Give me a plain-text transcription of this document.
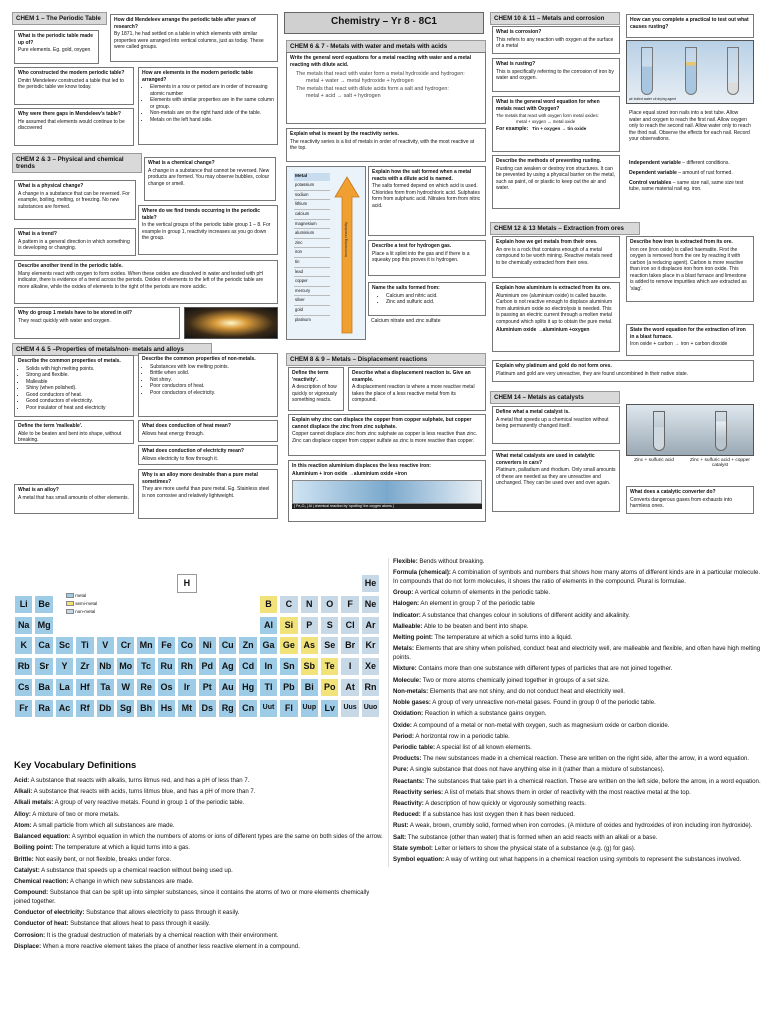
Chemistry – Yr 8 - 8C1
CHEM 1 – The Periodic Table
What is the periodic table made up of?
Pure elements. Eg. gold, oxygen
How did Mendeleev arrange the periodic table after years of research?
By 1871, he had settled on a table in which elements with similar properties were arranged into vertical columns, just as today. These were called groups.
Who constructed the modern periodic table?
Dmitri Mendeleev constructed a table that led to the periodic table we know today.
How are elements in the modern periodic table arranged?
• Elements in a row or period are in order of increasing atomic number
• Elements with similar properties are in the same column or group.
• Non-metals are on the right hand side of the table.
• Metals on the left hand side.
Why were there gaps in Mendeleev's table?
He assumed that elements would continue to be discovered
CHEM 2 & 3 – Physical and chemical trends
What is a physical change?
A change in a substance that can be reversed. For example, boiling, melting, or freezing. No new substances are formed.
What is a chemical change?
A change in a substance that cannot be reversed. New products are formed. You may observe bubbles, colour change or smell.
What is a trend?
A pattern in a general direction in which something is developing or changing.
Where do we find trends occurring in the periodic table?
In the vertical groups of the periodic table group 1 – 8. For example in group 1, reactivity increases as you go down the group.
Describe another trend in the periodic table.
Many elements react with oxygen to form oxides. When these oxides are dissolved in water and tested with pH indicator, there is evidence of a trend across the periods. Oxides of elements to the left of the periodic table are more alkaline, while the oxides of elements to the right of the periods are more acidic.
Why do group 1 metals have to be stored in oil?
They react quickly with water and oxygen.
CHEM 4 & 5 –Properties of metals/non- metals and alloys
Describe the common properties of metals.
• Solids with high melting points.
• Strong and flexible.
• Malleable
• Shiny (when polished).
• Good conductors of heat.
• Good conductors of electricity.
• Poor insulator of heat and electricity
Describe the common properties of non-metals.
• Substances with low melting points.
• Brittle when solid.
• Not shiny.
• Poor conductors of heat.
• Poor conductors of electricity.
What does conduction of heat mean?
Allows heat energy through.
What does conduction of electricity mean?
Allows electricity to flow through it.
Define the term 'malleable'.
Able to be beaten and bent into shape, without breaking.
What is an alloy?
A metal that has small amounts of other elements.
Why is an alloy more desirable than a pure metal sometimes?
They are more useful than pure metal. Eg. Stainless steel is non corrosive and relatively lightweight.
CHEM 6 & 7 - Metals with water and metals with acids
Write the general word equations for a metal reacting with water and a metal reacting with dilute acid.
The metals that react with water form a metal hydroxide and hydrogen:
metal + water → metal hydroxide + hydrogen
The metals that react with dilute acids form a salt and hydrogen:
metal + acid → salt + hydrogen
Explain what is meant by the reactivity series.
The reactivity series is a list of metals in order of reactivity, with the most reactive at the top.
Metal
potassium
sodium
lithium
calcium
magnesium
aluminium
zinc
iron
tin
lead
copper
mercury
silver
gold
platinum
increasing reactivity
Explain how the salt formed when a metal reacts with a dilute acid is named.
The salts formed depend on which acid is used. Chlorides form from hydrochloric acid. Sulphates form from sulphuric acid. Nitrates form from nitric acid.
Describe a test for hydrogen gas.
Place a lit splint into the gas and if there is a squeaky pop this proves it is hydrogen.
Calcium nitrate and zinc sulfate
Name the salts formed from:
• Calcium and nitric acid.
• Zinc and sulfuric acid.
CHEM 8 & 9 – Metals – Displacement reactions
Define the term 'reactivity'.
A description of how quickly or vigorously something reacts.
Describe what a displacement reaction is. Give an example.
A displacement reaction is where a more reactive metal takes the place of a less reactive metal from its compound.
Explain why zinc can displace the copper from copper sulphate, but copper cannot displace the zinc from zinc sulphate.
Copper cannot displace zinc from zinc sulphate as copper is less reactive than zinc. Zinc can displace copper from copper sulfate as zinc is more reactive than copper.
In this reaction aluminium displaces the less reactive iron:
Aluminium + iron oxide →aluminium oxide +iron
[ Fe₂O₃ | Al | chemical reaction by 'spotting' the oxygen atoms ]
CHEM 10 & 11 – Metals and corrosion
What is corrosion?
This refers to any reaction with oxygen at the surface of a metal
How can you complete a practical to test out what causes rusting?
air boiled water oil drying agent
What is rusting?
This is specifically referring to the corrosion of iron by water and oxygen.
What is the general word equation for when metals react with Oxygen?
The metals that react with oxygen form metal oxides:
metal + oxygen → metal oxide
For example: Tin + oxygen → tin oxide
Place equal sized iron nails into a test tube. Allow water and oxygen to reach the first nail. Allow oxygen only to reach the second nail. Allow water only to reach the third nail. Observe the effects for each nail. Record your observations.
Independent variable – different conditions.
Dependent variable – amount of rust formed.
Control variables – same size nail, same size test tube, same material nail eg. iron.
Describe the methods of preventing rusting.
Rusting can weaken or destroy iron structures. It can be prevented by using a physical barrier on the metal, such as paint, oil or plastic to keep out the air and water.
CHEM 12 & 13 Metals – Extraction from ores
Explain how we get metals from their ores.
An ore is a rock that contains enough of a metal compound to be worth mining. Reactive metals need to be chemically extracted from their ores.
Describe how iron is extracted from its ore.
Iron ore (iron oxide) is called haematite. First the oxygen is removed from the ore by reacting it with carbon (a reducing agent). Carbon is more reactive than iron so it displaces iron from iron oxide. This reaction takes place in a blast furnace and limestone is added to remove impurities which are extracted as 'slag'.
Explain how aluminium is extracted from its ore.
Aluminium ore (aluminium oxide) is called bauxite. Carbon is not reactive enough to displace aluminium from aluminium oxide so electrolysis is needed. This is passing an electric current through a molten metal compound which splits it up to obtain the pure metal.
Aluminium oxide →aluminium +oxygen	State the word equation for the extraction of iron in a blast furnace.
Iron oxide + carbon → iron + carbon dioxide
Explain why platinum and gold do not form ores.
Platinum and gold are very unreactive, they are found uncombined in their native state.
CHEM 14 – Metals as catalysts
Define what a metal catalyst is.
A metal that speeds up a chemical reaction without being permanently changed itself.
Zinc + sulfuric acid	Zinc + sulfuric acid + copper catalyst
What metal catalysts are used in catalytic converters in cars?
Platinum, palladium and rhodium. Only small amounts of these are needed as they are unreactive and unchanged. They can be used over and over again.
What does a catalytic converter do?
Converts dangerous gases from exhausts into harmless ones.
H	He
Li	Be	B	C	N	O	F	Ne
Na Mg	Al	Si	P	S	Cl	Ar
K	Ca	Sc	Ti	V	Cr Mn Fe	Co	Ni	Cu Zn Ga Ge As	Se	Br	Kr
Rb	Sr	Y	Zr	Nb Mo Tc	Ru Rh Pd Ag Cd	In	Sn Sb	Te	I	Xe
Cs Ba	La	Hf	Ta	W	Re Os	Ir	Pt	Au Hg	Tl	Pb	Bi	Po	At	Rn
Fr	Ra Ac	Rf	Db Sg Bh Hs	Mt	Ds Rg Cn	Uut	Fl	Uup Lv	Uus Uuo
metal
semi-metal
non-metal
Key Vocabulary Definitions

Acid: A substance that reacts with alkalis, turns litmus red, and has a pH of less than 7.

Alkali: A substance that reacts with acids, turns litmus blue, and has a pH of more than 7.

Alkali metals: A group of very reactive metals. Found in group 1 of the periodic table.

Alloy: A mixture of two or more metals.

Atom: A small particle from which all substances are made.

Balanced equation: A symbol equation in which the numbers of atoms or ions of different types are the same on both sides of the arrow.

Boiling point: The temperature at which a liquid turns into a gas.

Brittle: Not easily bent, or not flexible, breaks under force.

Catalyst: A substance that speeds up a chemical reaction without being used up.

Chemical reaction: A change in which new substances are made.

Compound: Substance that can be split up into simpler substances, since it contains the atoms of two or more elements chemically joined together.

Conductor of electricity: Substance that allows electricity to pass through it easily.

Conductor of heat: Substance that allows heat to pass through it easily.

Corrosion: It is the gradual destruction of materials by a chemical reaction with their environment.

Displace: When a more reactive element takes the place of another less reactive element in a compound.

Flexible: Bends without breaking.

Formula (chemical): A combination of symbols and numbers that shows how many atoms of different kinds are in a particular molecule. In compounds that do not form molecules, it shows the ratio of elements in the compound. Plural is formulae.

Group: A vertical column of elements in the periodic table.

Halogen: An element in group 7 of the periodic table

Indicator: A substance that changes colour in solutions of different acidity and alkalinity.

Malleable: Able to be beaten and bent into shape.

Melting point: The temperature at which a solid turns into a liquid.

Metals: Elements that are shiny when polished, conduct heat and electricity well, are malleable and flexible, and often have high melting points.

Mixture: Contains more than one substance with different types of particles that are not joined together.

Molecule: Two or more atoms chemically joined together in groups of a set size.

Non-metals: Elements that are not shiny, and do not conduct heat and electricity well.

Noble gases: A group of very unreactive non-metal gases. Found in group 0 of the periodic table.

Oxidation: Reaction in which a substance gains oxygen.

Oxide: A compound of a metal or non-metal with oxygen, such as magnesium oxide or carbon dioxide.

Period: A horizontal row in a periodic table.

Periodic table: A special list of all known elements.

Products: The new substances made in a chemical reaction. These are written on the right side, after the arrow, in a word equation.

Pure: A single substance that does not have anything else in it (rather than a mixture of substances).

Reactants: The substances that take part in a chemical reaction. These are written on the left side, before the arrow, in a word equation.

Reactivity series: A list of metals that shows them in order of reactivity with the most reactive metal at the top.

Reactivity: A description of how quickly or vigorously something reacts.

Reduced: If a substance has lost oxygen then it has been reduced.

Rust: A weak, brown, crumbly solid, formed when iron corrodes. (A mixture of oxides and hydroxides of iron including iron hydroxide).

Salt: The substance (other than water) that is formed when an acid reacts with an alkali or a base.

State symbol: Letter or letters to show the physical state of a substance (e.g. (g) for gas).

Symbol equation: A way of writing out what happens in a chemical reaction using symbols to represent the substances involved.
